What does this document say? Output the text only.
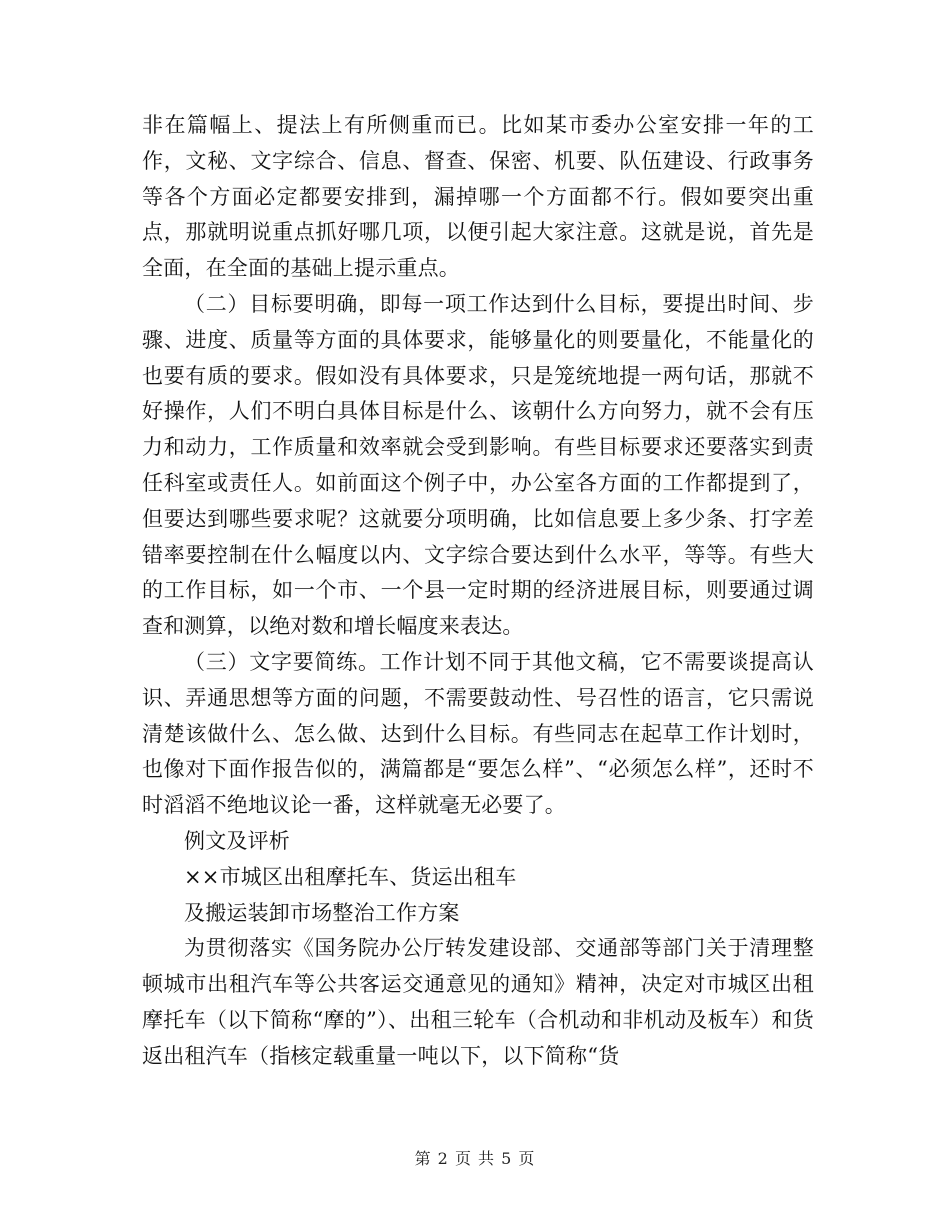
非在篇幅上、提法上有所侧重而已。比如某市委办公室安排一年的工作，文秘、文字综合、信息、督查、保密、机要、队伍建设、行政事务等各个方面必定都要安排到，漏掉哪一个方面都不行。假如要突出重点，那就明说重点抓好哪几项，以便引起大家注意。这就是说，首先是全面，在全面的基础上提示重点。

（二）目标要明确，即每一项工作达到什么目标，要提出时间、步骤、进度、质量等方面的具体要求，能够量化的则要量化，不能量化的也要有质的要求。假如没有具体要求，只是笼统地提一两句话，那就不好操作，人们不明白具体目标是什么、该朝什么方向努力，就不会有压力和动力，工作质量和效率就会受到影响。有些目标要求还要落实到责任科室或责任人。如前面这个例子中，办公室各方面的工作都提到了，但要达到哪些要求呢？这就要分项明确，比如信息要上多少条、打字差错率要控制在什么幅度以内、文字综合要达到什么水平，等等。有些大的工作目标，如一个市、一个县一定时期的经济进展目标，则要通过调查和测算，以绝对数和增长幅度来表达。

（三）文字要简练。工作计划不同于其他文稿，它不需要谈提高认识、弄通思想等方面的问题，不需要鼓动性、号召性的语言，它只需说清楚该做什么、怎么做、达到什么目标。有些同志在起草工作计划时，也像对下面作报告似的，满篇都是“要怎么样”、“必须怎么样”，还时不时滔滔不绝地议论一番，这样就毫无必要了。

例文及评析

××市城区出租摩托车、货运出租车

及搬运装卸市场整治工作方案

为贯彻落实《国务院办公厅转发建设部、交通部等部门关于清理整顿城市出租汽车等公共客运交通意见的通知》精神，决定对市城区出租摩托车（以下简称“摩的”）、出租三轮车（合机动和非机动及板车）和货返出租汽车（指核定载重量一吨以下，以下简称“货

第 2 页 共 5 页
